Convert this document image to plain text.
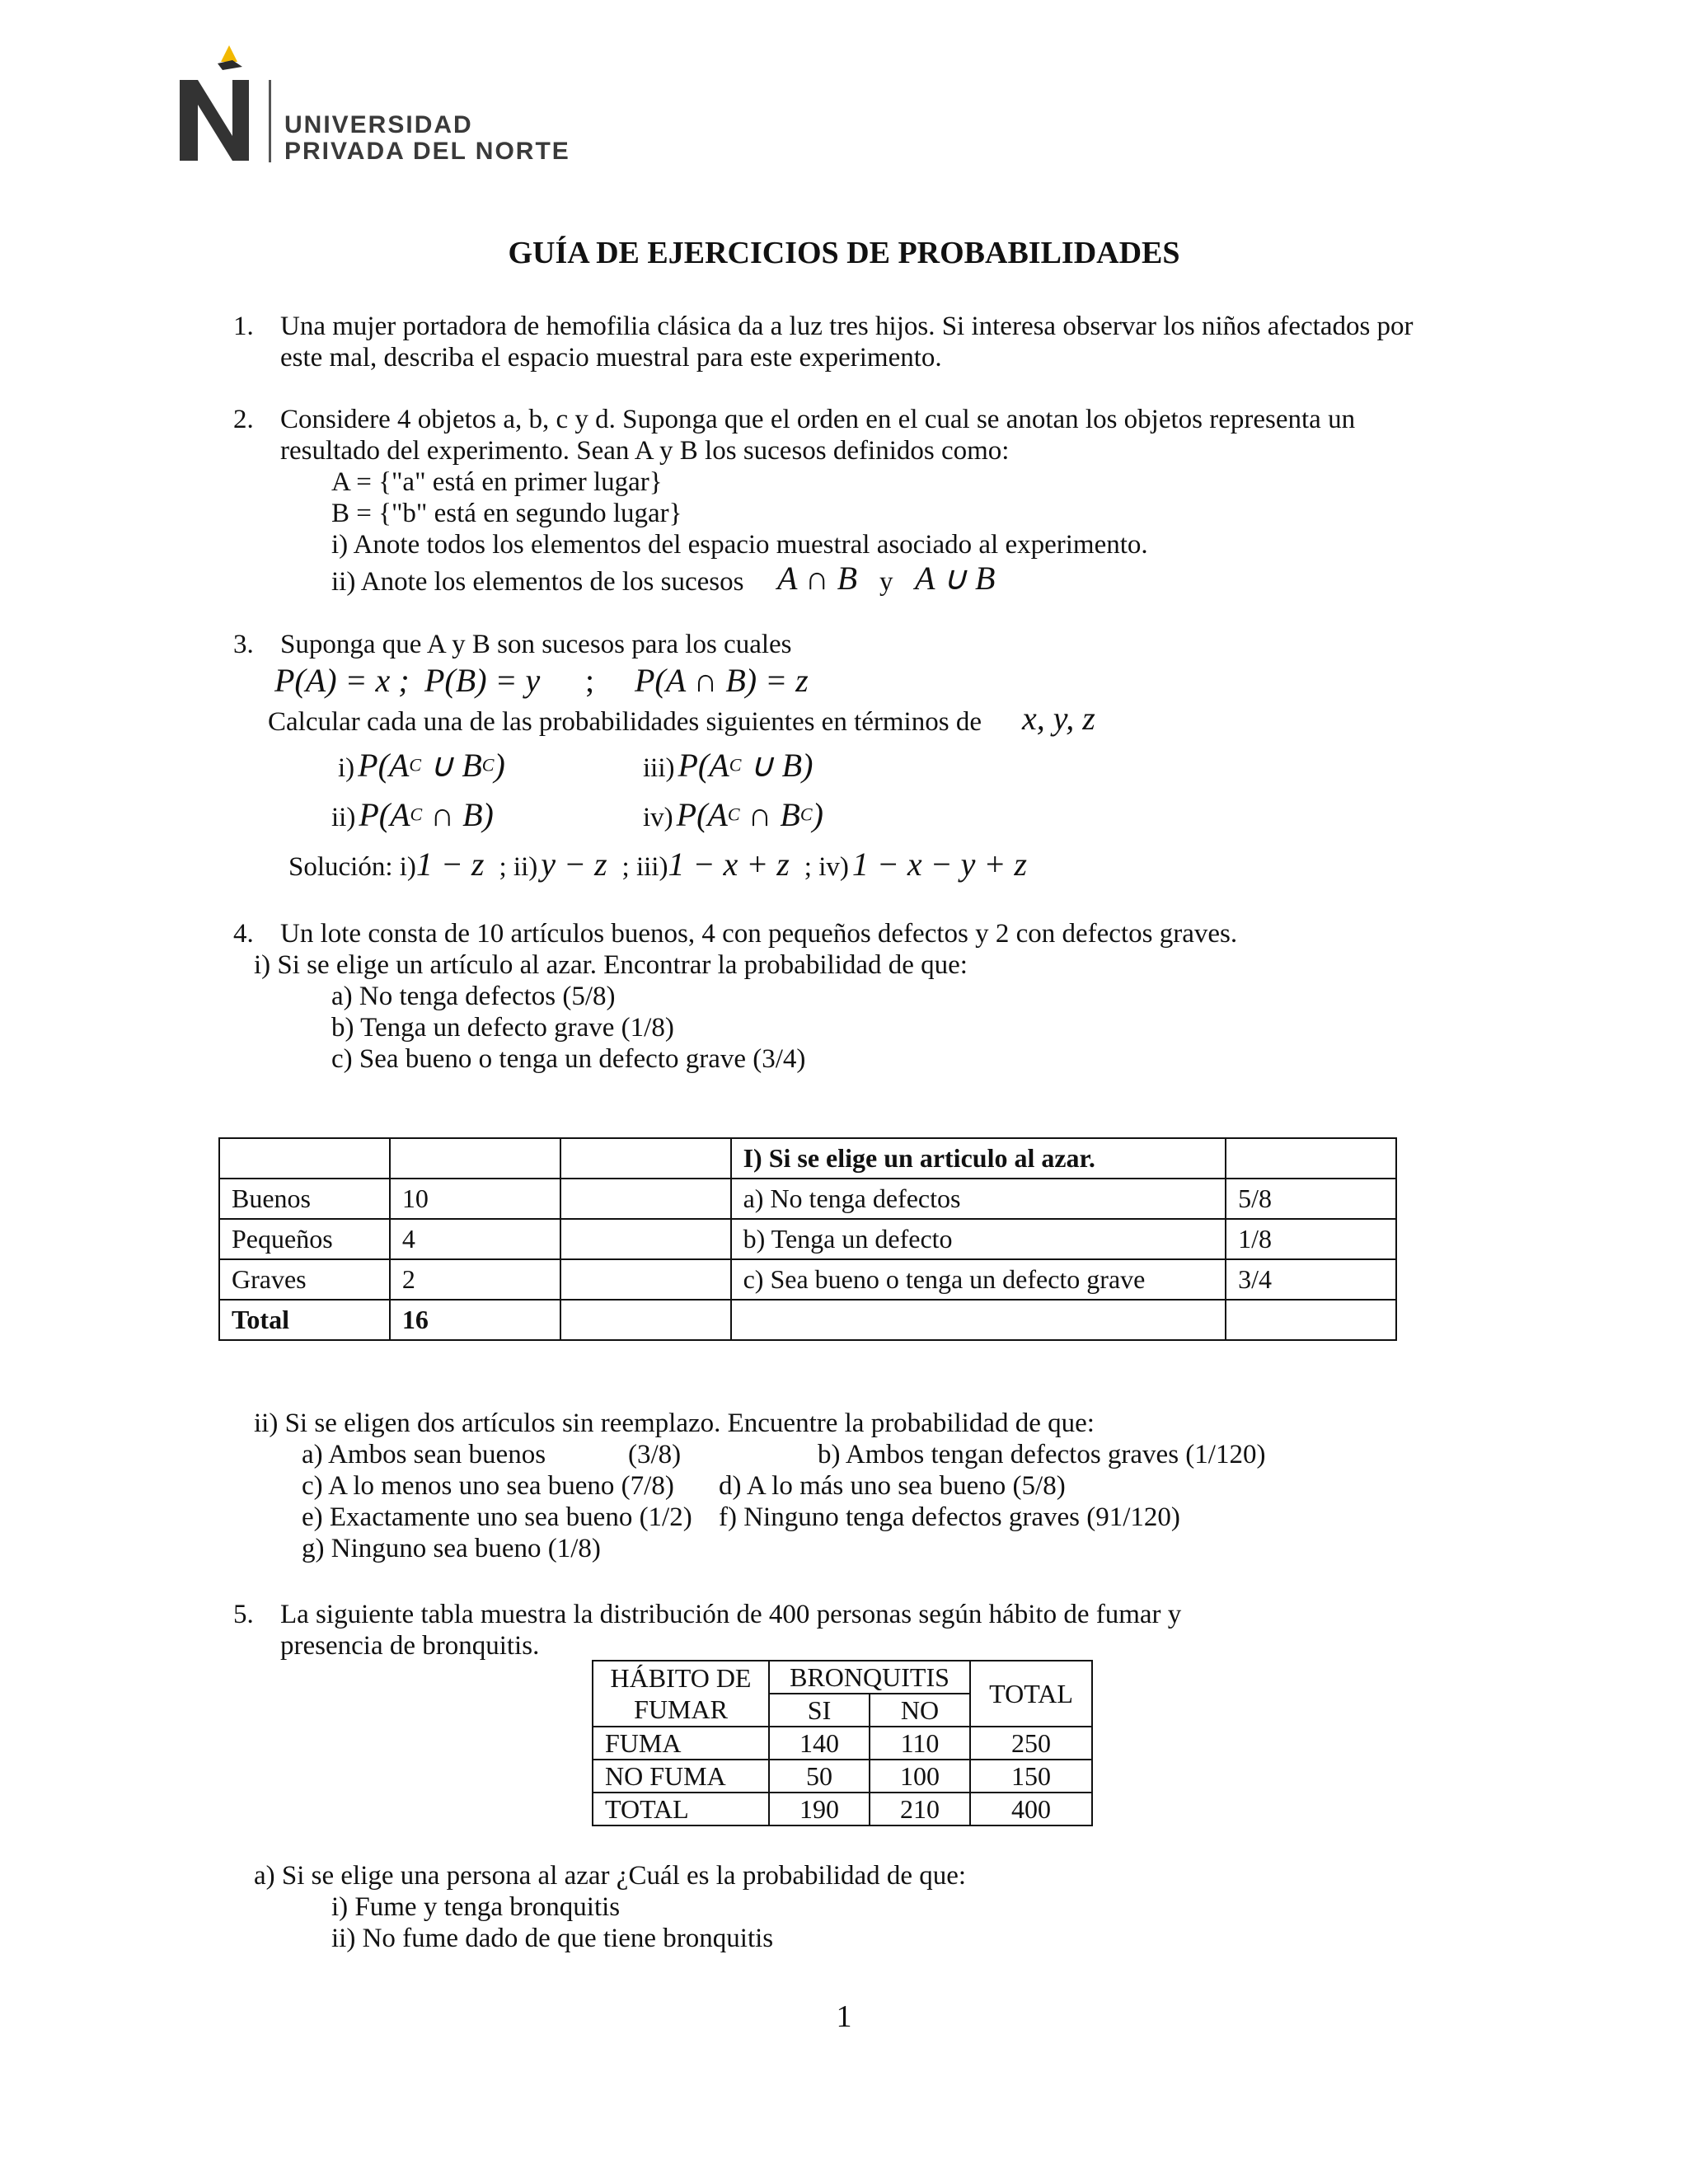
UNIVERSIDAD
PRIVADA DEL NORTE
GUÍA DE EJERCICIOS DE PROBABILIDADES
1. Una mujer portadora de hemofilia clásica da a luz tres hijos. Si interesa observar los niños afectados por
este mal, describa el espacio muestral para este experimento.
2. Considere 4 objetos a, b, c y d. Suponga que el orden en el cual se anotan los objetos representa un
resultado del experimento. Sean A y B los sucesos definidos como:
A = {"a" está en primer lugar}
B = {"b" está en segundo lugar}
i) Anote todos los elementos del espacio muestral asociado al experimento.
ii) Anote los elementos de los sucesos A ∩ B y A ∪ B
3. Suponga que A y B son sucesos para los cuales
P(A) = x ; P(B) = y ; P(A ∩ B) = z
Calcular cada una de las probabilidades siguientes en términos de x, y, z
i) P(AC ∪ BC)	iii) P(AC ∪ B)
ii) P(AC ∩ B)	iv) P(AC ∩ BC)
Solución: i)1 − z ; ii) y − z ; iii)1 − x + z ; iv) 1 − x − y + z
4. Un lote consta de 10 artículos buenos, 4 con pequeños defectos y 2 con defectos graves.
i) Si se elige un artículo al azar. Encontrar la probabilidad de que:
a) No tenga defectos (5/8)
b) Tenga un defecto grave (1/8)
c) Sea bueno o tenga un defecto grave (3/4)
			I) Si se elige un articulo al azar.	
Buenos	10		a) No tenga defectos	5/8
Pequeños	4		b) Tenga un defecto	1/8
Graves	2		c) Sea bueno o tenga un defecto grave	3/4
Total	16			
ii) Si se eligen dos artículos sin reemplazo. Encuentre la probabilidad de que:
a) Ambos sean buenos	(3/8)	b) Ambos tengan defectos graves (1/120)
c) A lo menos uno sea bueno (7/8) d) A lo más uno sea bueno (5/8)
e) Exactamente uno sea bueno (1/2) f) Ninguno tenga defectos graves (91/120)
g) Ninguno sea bueno (1/8)
5. La siguiente tabla muestra la distribución de 400 personas según hábito de fumar y
presencia de bronquitis.
HÁBITO DE
FUMAR	BRONQUITIS		TOTAL
	SI	NO	
FUMA	140	110	250
NO FUMA	50	100	150
TOTAL	190	210	400
a) Si se elige una persona al azar ¿Cuál es la probabilidad de que:
i) Fume y tenga bronquitis
ii) No fume dado de que tiene bronquitis
1
